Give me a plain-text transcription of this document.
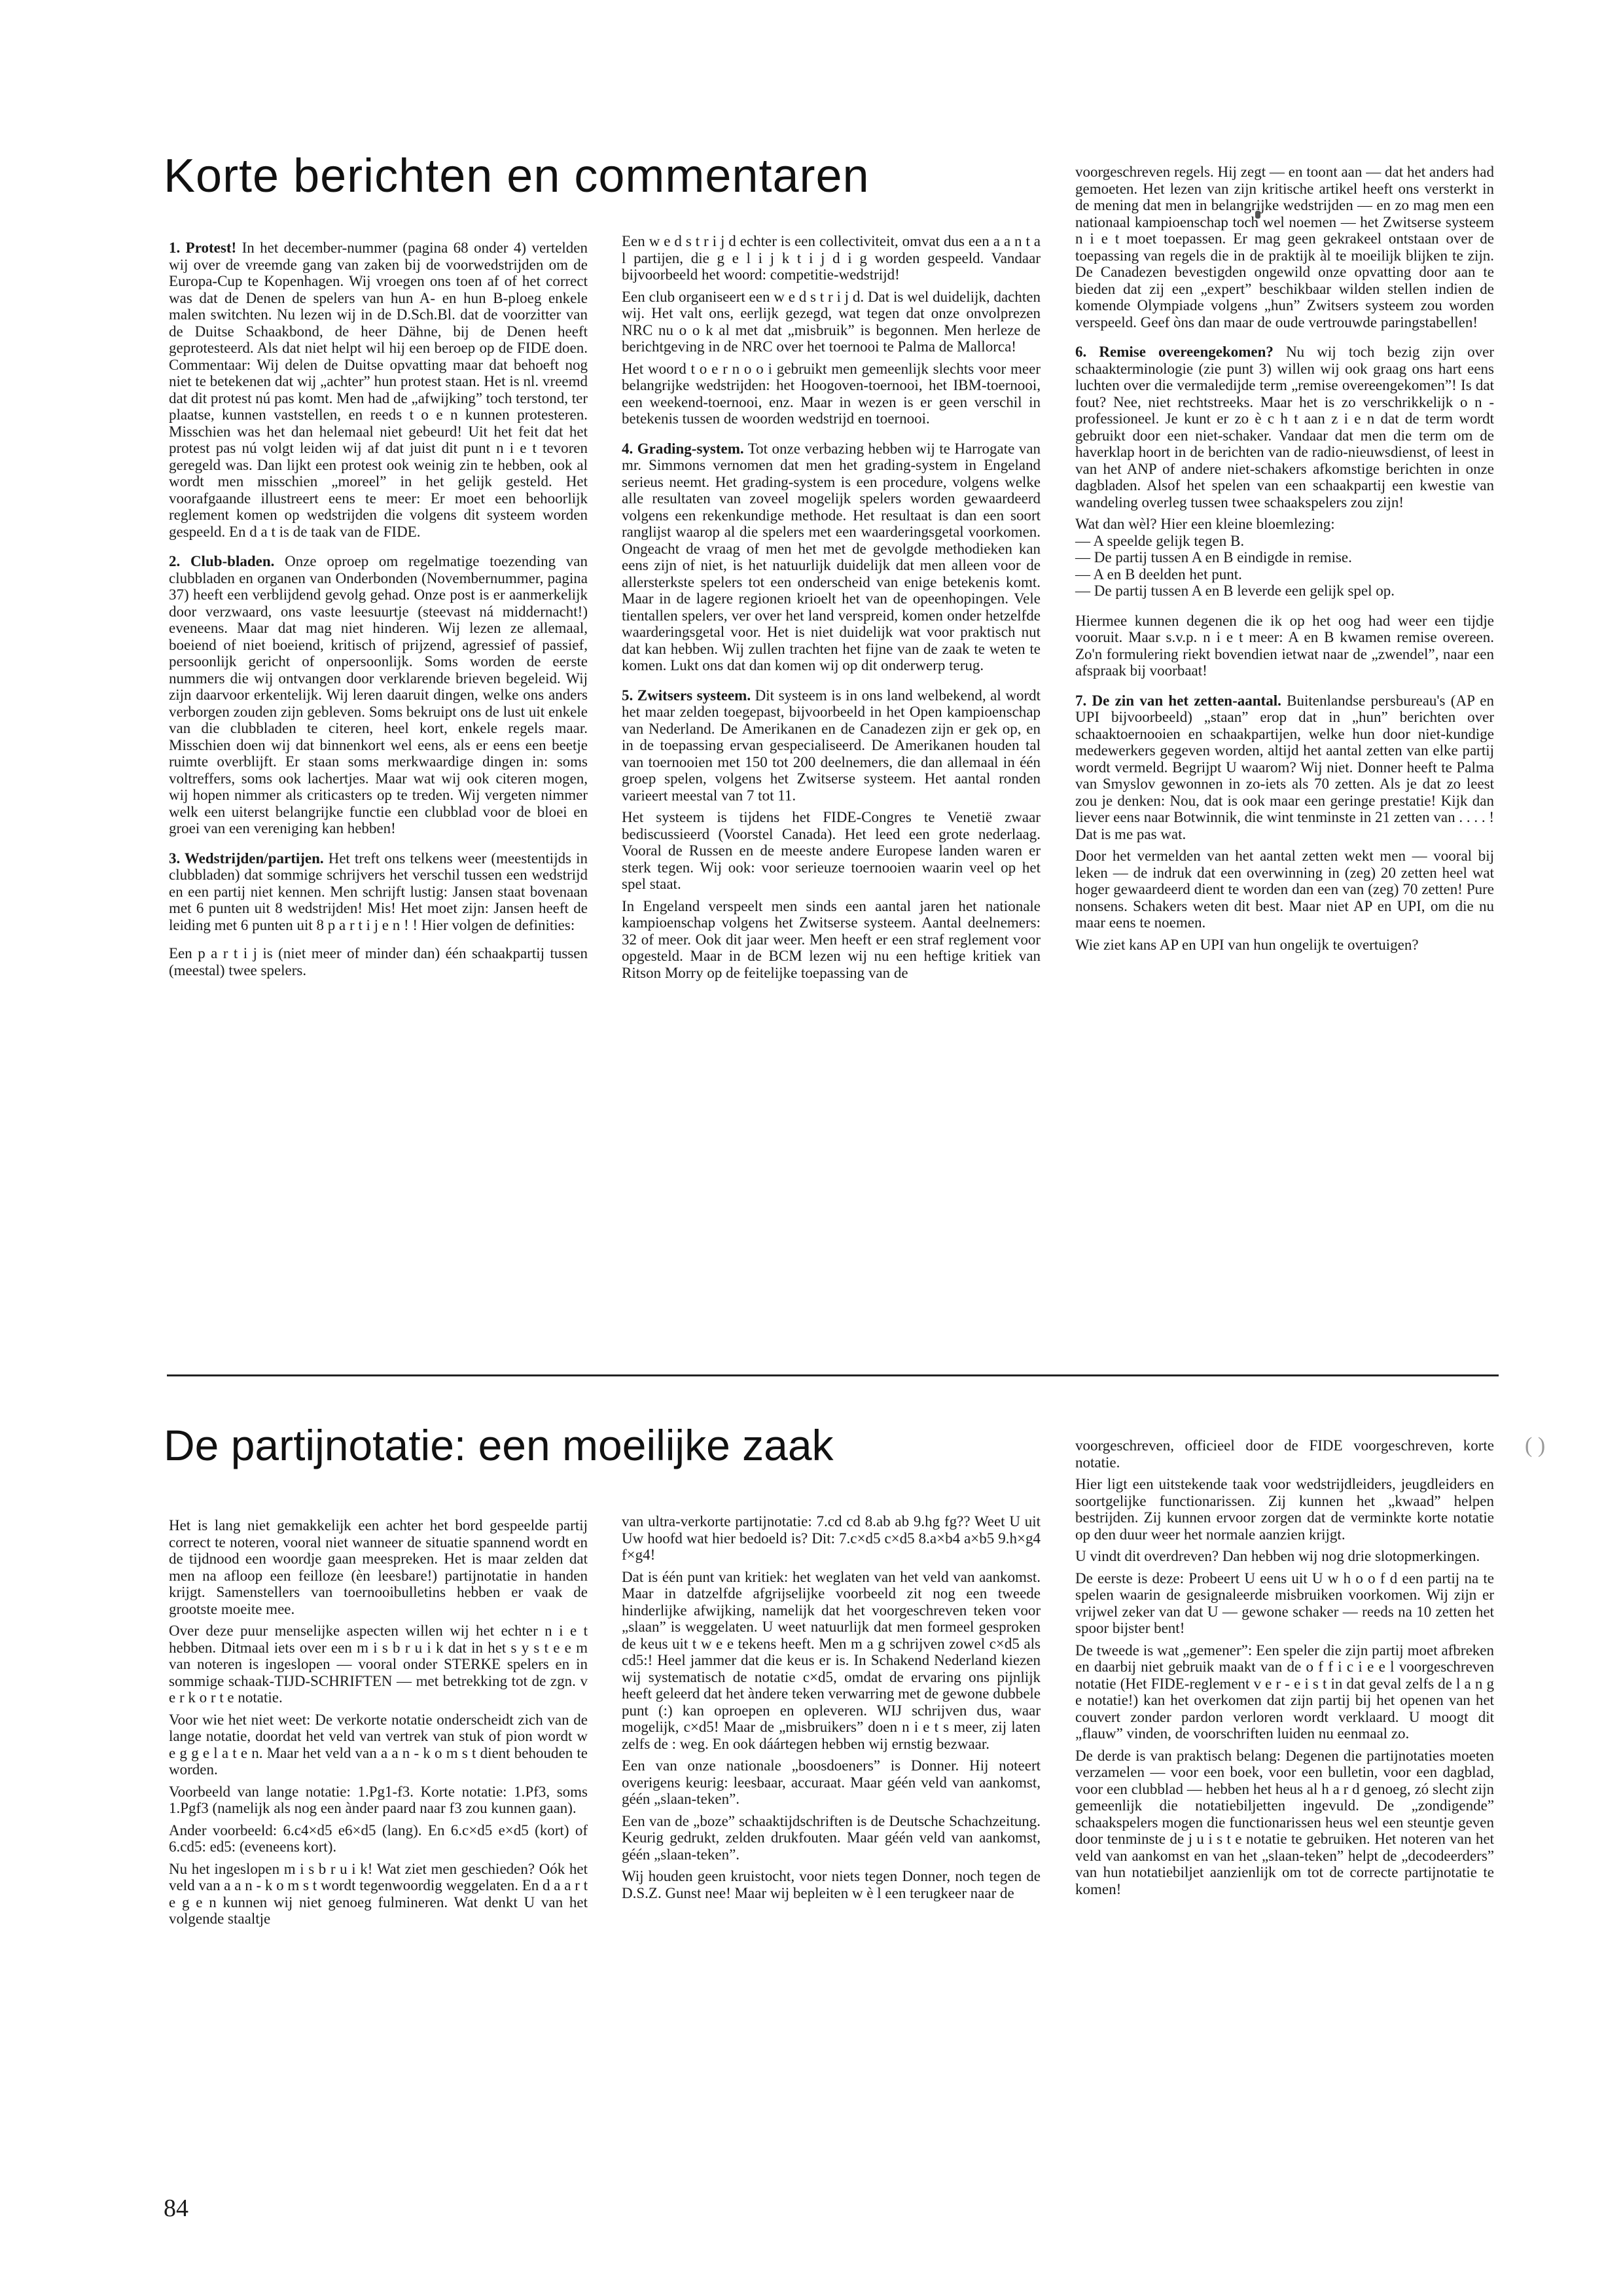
Korte berichten en commentaren

1. Protest! In het december-nummer (pagina 68 onder 4) vertelden wij over de vreemde gang van zaken bij de voorwedstrijden om de Europa-Cup te Kopenhagen. Wij vroegen ons toen af of het correct was dat de Denen de spelers van hun A- en hun B-ploeg enkele malen switchten. Nu lezen wij in de D.Sch.Bl. dat de voorzitter van de Duitse Schaakbond, de heer Dähne, bij de Denen heeft geprotesteerd. Als dat niet helpt wil hij een beroep op de FIDE doen. Commentaar: Wij delen de Duitse opvatting maar dat behoeft nog niet te betekenen dat wij „achter” hun protest staan. Het is nl. vreemd dat dit protest nú pas komt. Men had de „afwijking” toch terstond, ter plaatse, kunnen vaststellen, en reeds t o e n kunnen protesteren. Misschien was het dan helemaal niet gebeurd! Uit het feit dat het protest pas nú volgt leiden wij af dat juist dit punt n i e t tevoren geregeld was. Dan lijkt een protest ook weinig zin te hebben, ook al wordt men misschien „moreel” in het gelijk gesteld. Het voorafgaande illustreert eens te meer: Er moet een behoorlijk reglement komen op wedstrijden die volgens dit systeem worden gespeeld. En d a t is de taak van de FIDE.

2. Club-bladen. Onze oproep om regelmatige toezending van clubbladen en organen van Onderbonden (Novembernummer, pagina 37) heeft een verblijdend gevolg gehad. Onze post is er aanmerkelijk door verzwaard, ons vaste leesuurtje (steevast ná middernacht!) eveneens. Maar dat mag niet hinderen. Wij lezen ze allemaal, boeiend of niet boeiend, kritisch of prijzend, agressief of passief, persoonlijk gericht of onpersoonlijk. Soms worden de eerste nummers die wij ontvangen door verklarende brieven begeleid. Wij zijn daarvoor erkentelijk. Wij leren daaruit dingen, welke ons anders verborgen zouden zijn gebleven. Soms bekruipt ons de lust uit enkele van die clubbladen te citeren, heel kort, enkele regels maar. Misschien doen wij dat binnenkort wel eens, als er eens een beetje ruimte overblijft. Er staan soms merkwaardige dingen in: soms voltreffers, soms ook lachertjes. Maar wat wij ook citeren mogen, wij hopen nimmer als criticasters op te treden. Wij vergeten nimmer welk een uiterst belangrijke functie een clubblad voor de bloei en groei van een vereniging kan hebben!

3. Wedstrijden/partijen. Het treft ons telkens weer (meestentijds in clubbladen) dat sommige schrijvers het verschil tussen een wedstrijd en een partij niet kennen. Men schrijft lustig: Jansen staat bovenaan met 6 punten uit 8 wedstrijden! Mis! Het moet zijn: Jansen heeft de leiding met 6 punten uit 8 p a r t i j e n ! ! Hier volgen de definities:

Een p a r t i j is (niet meer of minder dan) één schaakpartij tussen (meestal) twee spelers.

Een w e d s t r i j d echter is een collectiviteit, omvat dus een a a n t a l partijen, die g e l i j k t i j d i g worden gespeeld. Vandaar bijvoorbeeld het woord: competitie-wedstrijd!

Een club organiseert een w e d s t r i j d. Dat is wel duidelijk, dachten wij. Het valt ons, eerlijk gezegd, wat tegen dat onze onvolprezen NRC nu o o k al met dat „misbruik” is begonnen. Men herleze de berichtgeving in de NRC over het toernooi te Palma de Mallorca!

Het woord t o e r n o o i gebruikt men gemeenlijk slechts voor meer belangrijke wedstrijden: het Hoogoven-toernooi, het IBM-toernooi, een weekend-toernooi, enz. Maar in wezen is er geen verschil in betekenis tussen de woorden wedstrijd en toernooi.

4. Grading-system. Tot onze verbazing hebben wij te Harrogate van mr. Simmons vernomen dat men het grading-system in Engeland serieus neemt. Het grading-system is een procedure, volgens welke alle resultaten van zoveel mogelijk spelers worden gewaardeerd volgens een rekenkundige methode. Het resultaat is dan een soort ranglijst waarop al die spelers met een waarderingsgetal voorkomen. Ongeacht de vraag of men het met de gevolgde methodieken kan eens zijn of niet, is het natuurlijk duidelijk dat men alleen voor de allersterkste spelers tot een onderscheid van enige betekenis komt. Maar in de lagere regionen krioelt het van de opeenhopingen. Vele tientallen spelers, ver over het land verspreid, komen onder hetzelfde waarderingsgetal voor. Het is niet duidelijk wat voor praktisch nut dat kan hebben. Wij zullen trachten het fijne van de zaak te weten te komen. Lukt ons dat dan komen wij op dit onderwerp terug.

5. Zwitsers systeem. Dit systeem is in ons land welbekend, al wordt het maar zelden toegepast, bijvoorbeeld in het Open kampioenschap van Nederland. De Amerikanen en de Canadezen zijn er gek op, en in de toepassing ervan gespecialiseerd. De Amerikanen houden tal van toernooien met 150 tot 200 deelnemers, die dan allemaal in één groep spelen, volgens het Zwitserse systeem. Het aantal ronden varieert meestal van 7 tot 11.

Het systeem is tijdens het FIDE-Congres te Venetië zwaar bediscussieerd (Voorstel Canada). Het leed een grote nederlaag. Vooral de Russen en de meeste andere Europese landen waren er sterk tegen. Wij ook: voor serieuze toernooien waarin veel op het spel staat.

In Engeland verspeelt men sinds een aantal jaren het nationale kampioenschap volgens het Zwitserse systeem. Aantal deelnemers: 32 of meer. Ook dit jaar weer. Men heeft er een straf reglement voor opgesteld. Maar in de BCM lezen wij nu een heftige kritiek van Ritson Morry op de feitelijke toepassing van de

voorgeschreven regels. Hij zegt — en toont aan — dat het anders had gemoeten. Het lezen van zijn kritische artikel heeft ons versterkt in de mening dat men in belangrijke wedstrijden — en zo mag men een nationaal kampioenschap toch wel noemen — het Zwitserse systeem n i e t moet toepassen. Er mag geen gekrakeel ontstaan over de toepassing van regels die in de praktijk àl te moeilijk blijken te zijn. De Canadezen bevestigden ongewild onze opvatting door aan te bieden dat zij een „expert” beschikbaar wilden stellen indien de komende Olympiade volgens „hun” Zwitsers systeem zou worden verspeeld. Geef òns dan maar de oude vertrouwde paringstabellen!

6. Remise overeengekomen? Nu wij toch bezig zijn over schaakterminologie (zie punt 3) willen wij ook graag ons hart eens luchten over die vermaledijde term „remise overeengekomen”! Is dat fout? Nee, niet rechtstreeks. Maar het is zo verschrikkelijk o n -professioneel. Je kunt er zo è c h t aan z i e n dat de term wordt gebruikt door een niet-schaker. Vandaar dat men die term om de haverklap hoort in de berichten van de radio-nieuwsdienst, of leest in van het ANP of andere niet-schakers afkomstige berichten in onze dagbladen. Alsof het spelen van een schaakpartij een kwestie van wandeling overleg tussen twee schaakspelers zou zijn!

Wat dan wèl? Hier een kleine bloemlezing:

— A speelde gelijk tegen B.
— De partij tussen A en B eindigde in remise.
— A en B deelden het punt.
— De partij tussen A en B leverde een gelijk spel op.

Hiermee kunnen degenen die ik op het oog had weer een tijdje vooruit. Maar s.v.p. n i e t meer: A en B kwamen remise overeen. Zo'n formulering riekt bovendien ietwat naar de „zwendel”, naar een afspraak bij voorbaat!

7. De zin van het zetten-aantal. Buitenlandse persbureau's (AP en UPI bijvoorbeeld) „staan” erop dat in „hun” berichten over schaaktoernooien en schaakpartijen, welke hun door niet-kundige medewerkers gegeven worden, altijd het aantal zetten van elke partij wordt vermeld. Begrijpt U waarom? Wij niet. Donner heeft te Palma van Smyslov gewonnen in zo-iets als 70 zetten. Als je dat zo leest zou je denken: Nou, dat is ook maar een geringe prestatie! Kijk dan liever eens naar Botwinnik, die wint tenminste in 21 zetten van . . . . ! Dat is me pas wat.

Door het vermelden van het aantal zetten wekt men — vooral bij leken — de indruk dat een overwinning in (zeg) 20 zetten heel wat hoger gewaardeerd dient te worden dan een van (zeg) 70 zetten! Pure nonsens. Schakers weten dit best. Maar niet AP en UPI, om die nu maar eens te noemen.

Wie ziet kans AP en UPI van hun ongelijk te overtuigen?

De partijnotatie: een moeilijke zaak	( )

Het is lang niet gemakkelijk een achter het bord gespeelde partij correct te noteren, vooral niet wanneer de situatie spannend wordt en de tijdnood een woordje gaan meespreken. Het is maar zelden dat men na afloop een feilloze (èn leesbare!) partijnotatie in handen krijgt. Samenstellers van toernooibulletins hebben er vaak de grootste moeite mee.

Over deze puur menselijke aspecten willen wij het echter n i e t hebben. Ditmaal iets over een m i s b r u i k dat in het s y s t e e m van noteren is ingeslopen — vooral onder STERKE spelers en in sommige schaak-TIJD-SCHRIFTEN — met betrekking tot de zgn. v e r k o r t e notatie.

Voor wie het niet weet: De verkorte notatie onderscheidt zich van de lange notatie, doordat het veld van vertrek van stuk of pion wordt w e g g e l a t e n. Maar het veld van a a n - k o m s t dient behouden te worden.

Voorbeeld van lange notatie: 1.Pg1-f3. Korte notatie: 1.Pf3, soms 1.Pgf3 (namelijk als nog een ànder paard naar f3 zou kunnen gaan).

Ander voorbeeld: 6.c4×d5 e6×d5 (lang). En 6.c×d5 e×d5 (kort) of 6.cd5: ed5: (eveneens kort).

Nu het ingeslopen m i s b r u i k! Wat ziet men geschieden? Oók het veld van a a n - k o m s t wordt tegenwoordig weggelaten. En d a a r t e g e n kunnen wij niet genoeg fulmineren. Wat denkt U van het volgende staaltje

van ultra-verkorte partijnotatie: 7.cd cd 8.ab ab 9.hg fg?? Weet U uit Uw hoofd wat hier bedoeld is? Dit: 7.c×d5 c×d5 8.a×b4 a×b5 9.h×g4 f×g4!

Dat is één punt van kritiek: het weglaten van het veld van aankomst. Maar in datzelfde afgrijselijke voorbeeld zit nog een tweede hinderlijke afwijking, namelijk dat het voorgeschreven teken voor „slaan” is weggelaten. U weet natuurlijk dat men formeel gesproken de keus uit t w e e tekens heeft. Men m a g schrijven zowel c×d5 als cd5:! Heel jammer dat die keus er is. In Schakend Nederland kiezen wij systematisch de notatie c×d5, omdat de ervaring ons pijnlijk heeft geleerd dat het àndere teken verwarring met de gewone dubbele punt (:) kan oproepen en opleveren. WIJ schrijven dus, waar mogelijk, c×d5! Maar de „misbruikers” doen n i e t s meer, zij laten zelfs de : weg. En ook dáártegen hebben wij ernstig bezwaar.

Een van onze nationale „boosdoeners” is Donner. Hij noteert overigens keurig: leesbaar, accuraat. Maar géén veld van aankomst, géén „slaan-teken”.

Een van de „boze” schaaktijdschriften is de Deutsche Schachzeitung. Keurig gedrukt, zelden drukfouten. Maar géén veld van aankomst, géén „slaan-teken”.

Wij houden geen kruistocht, voor niets tegen Donner, noch tegen de D.S.Z. Gunst nee! Maar wij bepleiten w è l een terugkeer naar de

voorgeschreven, officieel door de FIDE voorgeschreven, korte notatie.

Hier ligt een uitstekende taak voor wedstrijdleiders, jeugdleiders en soortgelijke functionarissen. Zij kunnen het „kwaad” helpen bestrijden. Zij kunnen ervoor zorgen dat de verminkte korte notatie op den duur weer het normale aanzien krijgt.

U vindt dit overdreven? Dan hebben wij nog drie slotopmerkingen.

De eerste is deze: Probeert U eens uit U w h o o f d een partij na te spelen waarin de gesignaleerde misbruiken voorkomen. Wij zijn er vrijwel zeker van dat U — gewone schaker — reeds na 10 zetten het spoor bijster bent!

De tweede is wat „gemener”: Een speler die zijn partij moet afbreken en daarbij niet gebruik maakt van de o f f i c i e e l voorgeschreven notatie (Het FIDE-reglement v e r - e i s t in dat geval zelfs de l a n g e notatie!) kan het overkomen dat zijn partij bij het openen van het couvert zonder pardon verloren wordt verklaard. U moogt dit „flauw” vinden, de voorschriften luiden nu eenmaal zo.

De derde is van praktisch belang: Degenen die partijnotaties moeten verzamelen — voor een boek, voor een bulletin, voor een dagblad, voor een clubblad — hebben het heus al h a r d genoeg, zó slecht zijn gemeenlijk die notatiebiljetten ingevuld. De „zondigende” schaakspelers mogen die functionarissen heus wel een steuntje geven door tenminste de j u i s t e notatie te gebruiken. Het noteren van het veld van aankomst en van het „slaan-teken” helpt de „decodeerders” van hun notatiebiljet aanzienlijk om tot de correcte partijnotatie te komen!

84
